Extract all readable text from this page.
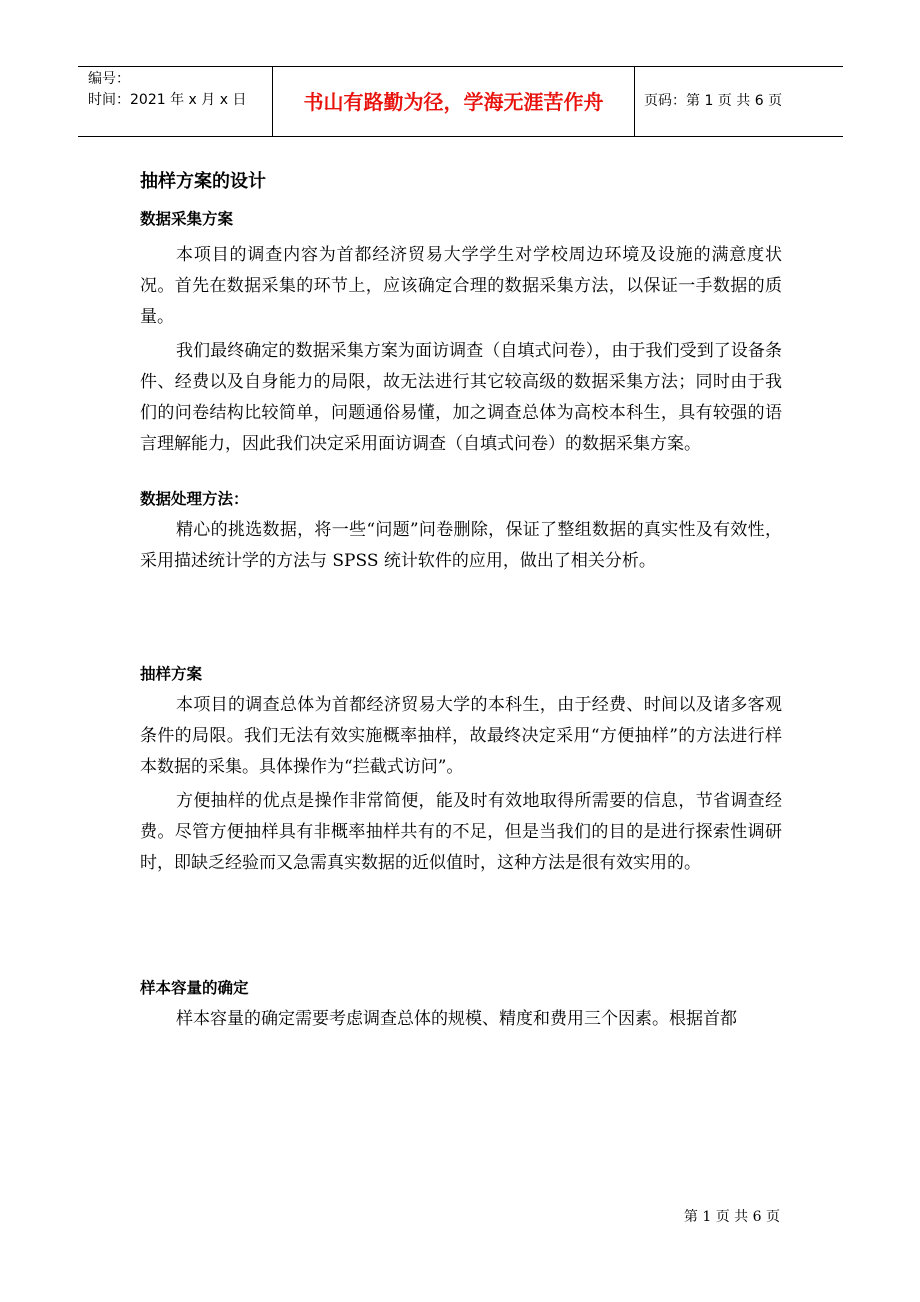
编号：
时间：2021 年 x 月 x 日	书山有路勤为径，学海无涯苦作舟	页码：第 1 页 共 6 页
抽样方案的设计
数据采集方案

本项目的调查内容为首都经济贸易大学学生对学校周边环境及设施的满意度状况。首先在数据采集的环节上，应该确定合理的数据采集方法，以保证一手数据的质量。

我们最终确定的数据采集方案为面访调查（自填式问卷），由于我们受到了设备条件、经费以及自身能力的局限，故无法进行其它较高级的数据采集方法；同时由于我们的问卷结构比较简单，问题通俗易懂，加之调查总体为高校本科生，具有较强的语言理解能力，因此我们决定采用面访调查（自填式问卷）的数据采集方案。

数据处理方法：

精心的挑选数据，将一些“问题”问卷删除，保证了整组数据的真实性及有效性，采用描述统计学的方法与 SPSS 统计软件的应用，做出了相关分析。

抽样方案

本项目的调查总体为首都经济贸易大学的本科生，由于经费、时间以及诸多客观条件的局限。我们无法有效实施概率抽样，故最终决定采用“方便抽样”的方法进行样本数据的采集。具体操作为“拦截式访问”。

方便抽样的优点是操作非常简便，能及时有效地取得所需要的信息，节省调查经费。尽管方便抽样具有非概率抽样共有的不足，但是当我们的目的是进行探索性调研时，即缺乏经验而又急需真实数据的近似值时，这种方法是很有效实用的。

样本容量的确定

样本容量的确定需要考虑调查总体的规模、精度和费用三个因素。根据首都

第 1 页 共 6 页
